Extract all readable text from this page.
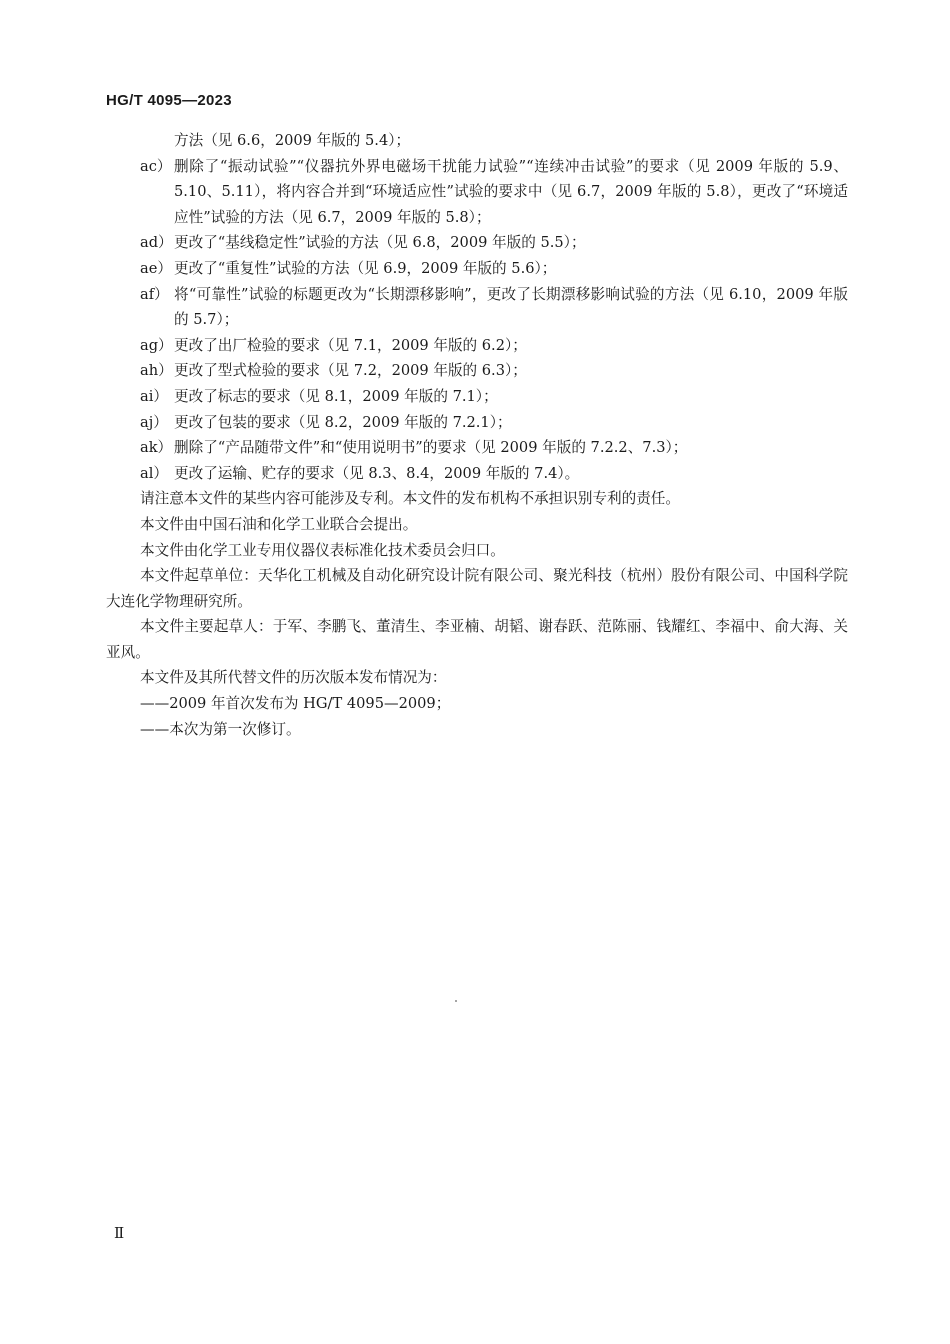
HG/T 4095—2023

方法（见 6.6，2009 年版的 5.4）；

ac） 删除了“振动试验”“仪器抗外界电磁场干扰能力试验”“连续冲击试验”的要求（见 2009 年版的 5.9、5.10、5.11），将内容合并到“环境适应性”试验的要求中（见 6.7，2009 年版的 5.8），更改了“环境适应性”试验的方法（见 6.7，2009 年版的 5.8）；
ad） 更改了“基线稳定性”试验的方法（见 6.8，2009 年版的 5.5）；
ae） 更改了“重复性”试验的方法（见 6.9，2009 年版的 5.6）；
af） 将“可靠性”试验的标题更改为“长期漂移影响”，更改了长期漂移影响试验的方法（见 6.10，2009 年版的 5.7）；
ag） 更改了出厂检验的要求（见 7.1，2009 年版的 6.2）；
ah） 更改了型式检验的要求（见 7.2，2009 年版的 6.3）；
ai） 更改了标志的要求（见 8.1，2009 年版的 7.1）；
aj） 更改了包装的要求（见 8.2，2009 年版的 7.2.1）；
ak） 删除了“产品随带文件”和“使用说明书”的要求（见 2009 年版的 7.2.2、7.3）；
al） 更改了运输、贮存的要求（见 8.3、8.4，2009 年版的 7.4）。

请注意本文件的某些内容可能涉及专利。本文件的发布机构不承担识别专利的责任。

本文件由中国石油和化学工业联合会提出。

本文件由化学工业专用仪器仪表标准化技术委员会归口。

本文件起草单位：天华化工机械及自动化研究设计院有限公司、聚光科技（杭州）股份有限公司、中国科学院大连化学物理研究所。

本文件主要起草人：于军、李鹏飞、董清生、李亚楠、胡韬、谢春跃、范陈丽、钱耀红、李福中、俞大海、关亚风。

本文件及其所代替文件的历次版本发布情况为：

——2009 年首次发布为 HG/T 4095—2009；

——本次为第一次修订。

Ⅱ
